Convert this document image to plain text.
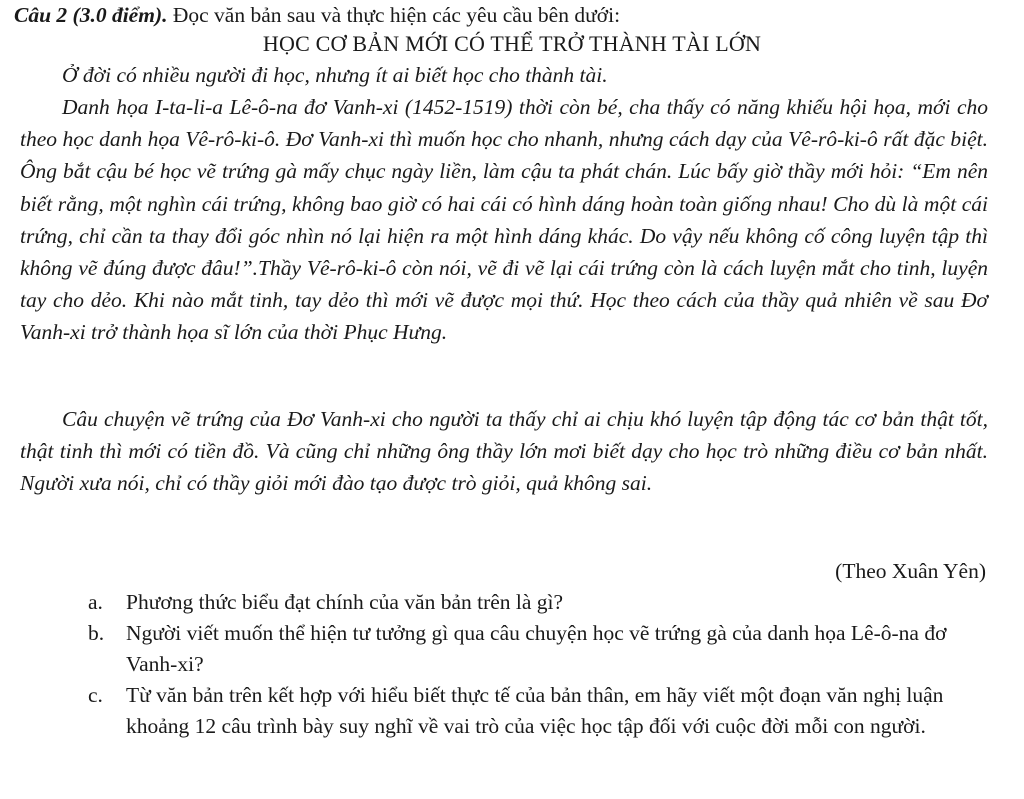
Câu 2 (3.0 điểm). Đọc văn bản sau và thực hiện các yêu cầu bên dưới:
HỌC CƠ BẢN MỚI CÓ THỂ TRỞ THÀNH TÀI LỚN

Ở đời có nhiều người đi học, nhưng ít ai biết học cho thành tài.

Danh họa I-ta-li-a Lê-ô-na đơ Vanh-xi (1452-1519) thời còn bé, cha thấy có năng khiếu hội họa, mới cho theo học danh họa Vê-rô-ki-ô. Đơ Vanh-xi thì muốn học cho nhanh, nhưng cách dạy của Vê-rô-ki-ô rất đặc biệt. Ông bắt cậu bé học vẽ trứng gà mấy chục ngày liền, làm cậu ta phát chán. Lúc bấy giờ thầy mới hỏi: “Em nên biết rằng, một nghìn cái trứng, không bao giờ có hai cái có hình dáng hoàn toàn giống nhau! Cho dù là một cái trứng, chỉ cần ta thay đổi góc nhìn nó lại hiện ra một hình dáng khác. Do vậy nếu không cố công luyện tập thì không vẽ đúng được đâu!”.Thầy Vê-rô-ki-ô còn nói, vẽ đi vẽ lại cái trứng còn là cách luyện mắt cho tinh, luyện tay cho dẻo. Khi nào mắt tinh, tay dẻo thì mới vẽ được mọi thứ. Học theo cách của thầy quả nhiên về sau Đơ Vanh-xi trở thành họa sĩ lớn của thời Phục Hưng.

Câu chuyện vẽ trứng của Đơ Vanh-xi cho người ta thấy chỉ ai chịu khó luyện tập động tác cơ bản thật tốt, thật tinh thì mới có tiền đồ. Và cũng chỉ những ông thầy lớn mơi biết dạy cho học trò những điều cơ bản nhất. Người xưa nói, chỉ có thầy giỏi mới đào tạo được trò giỏi, quả không sai.

(Theo Xuân Yên)
a.	Phương thức biểu đạt chính của văn bản trên là gì?
b.	Người viết muốn thể hiện tư tưởng gì qua câu chuyện học vẽ trứng gà của danh họa Lê-ô-na đơ Vanh-xi?
c.	Từ văn bản trên kết hợp với hiểu biết thực tế của bản thân, em hãy viết một đoạn văn nghị luận khoảng 12 câu trình bày suy nghĩ về vai trò của việc học tập đối với cuộc đời mỗi con người.
